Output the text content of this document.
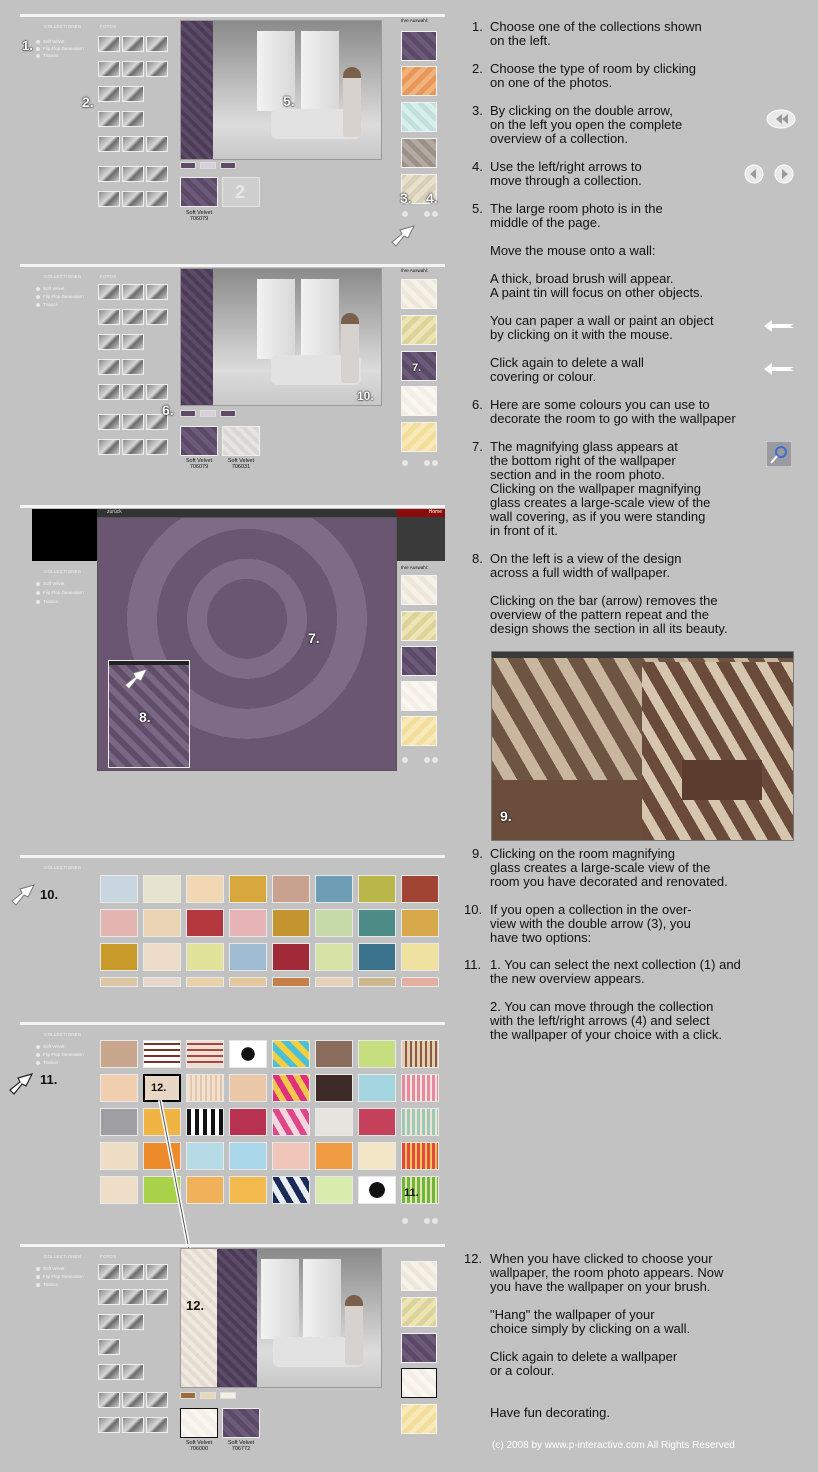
COLLECTIONEN	FOTOS
Soft Velvet
Flip Flop Generation
Trianon
1.
2.	5.
2
Soft Velvet
706079
Ihre Auswahl:
3. 4.
COLLECTIONEN	FOTOS
Soft Velvet
Flip Flop Generation
Trianon
10.
6.
Soft Velvet
706079
Soft Velvet
706031
Ihre Auswahl:
7.
zurück	Home
COLLECTIONEN
Soft Velvet
Flip Flop Generation
Trianon
7.
8.
Ihre Auswahl:
COLLECTIONEN
10.
COLLECTIONEN
Soft Velvet
Flip Flop Generation
Trianon
11.
12.
11.
COLLECTIONEN	FOTOS
Soft Velvet
Flip Flop Generation
Trianon
12.
Soft Velvet
706000
Soft Velvet
706772
1. Choose one of the collections shown
on the left.
2. Choose the type of room by clicking
on one of the photos.
3. By clicking on the double arrow,
on the left you open the complete
overview of a collection.
4. Use the left/right arrows to
move through a collection.
5. The large room photo is in the
middle of the page.
Move the mouse onto a wall:
A thick, broad brush will appear.
A paint tin will focus on other objects.
You can paper a wall or paint an object
by clicking on it with the mouse.
Click again to delete a wall
covering or colour.
6. Here are some colours you can use to
decorate the room to go with the wallpaper
7. The magnifying glass appears at
the bottom right of the wallpaper
section and in the room photo.
Clicking on the wallpaper magnifying
glass creates a large-scale view of the
wall covering, as if you were standing
in front of it.
8. On the left is a view of the design
across a full width of wallpaper.
Clicking on the bar (arrow) removes the
overview of the pattern repeat and the
design shows the section in all its beauty.
9.
9. Clicking on the room magnifying
glass creates a large-scale view of the
room you have decorated and renovated.
10. If you open a collection in the over-
view with the double arrow (3), you
have two options:
11. 1. You can select the next collection (1) and
the new overview appears.
2. You can move through the collection
with the left/right arrows (4) and select
the wallpaper of your choice with a click.
12. When you have clicked to choose your
wallpaper, the room photo appears. Now
you have the wallpaper on your brush.
"Hang" the wallpaper of your
choice simply by clicking on a wall.
Click again to delete a wallpaper
or a colour.
Have fun decorating.
(c) 2008 by www.p-interactive.com All Rights Reserved
